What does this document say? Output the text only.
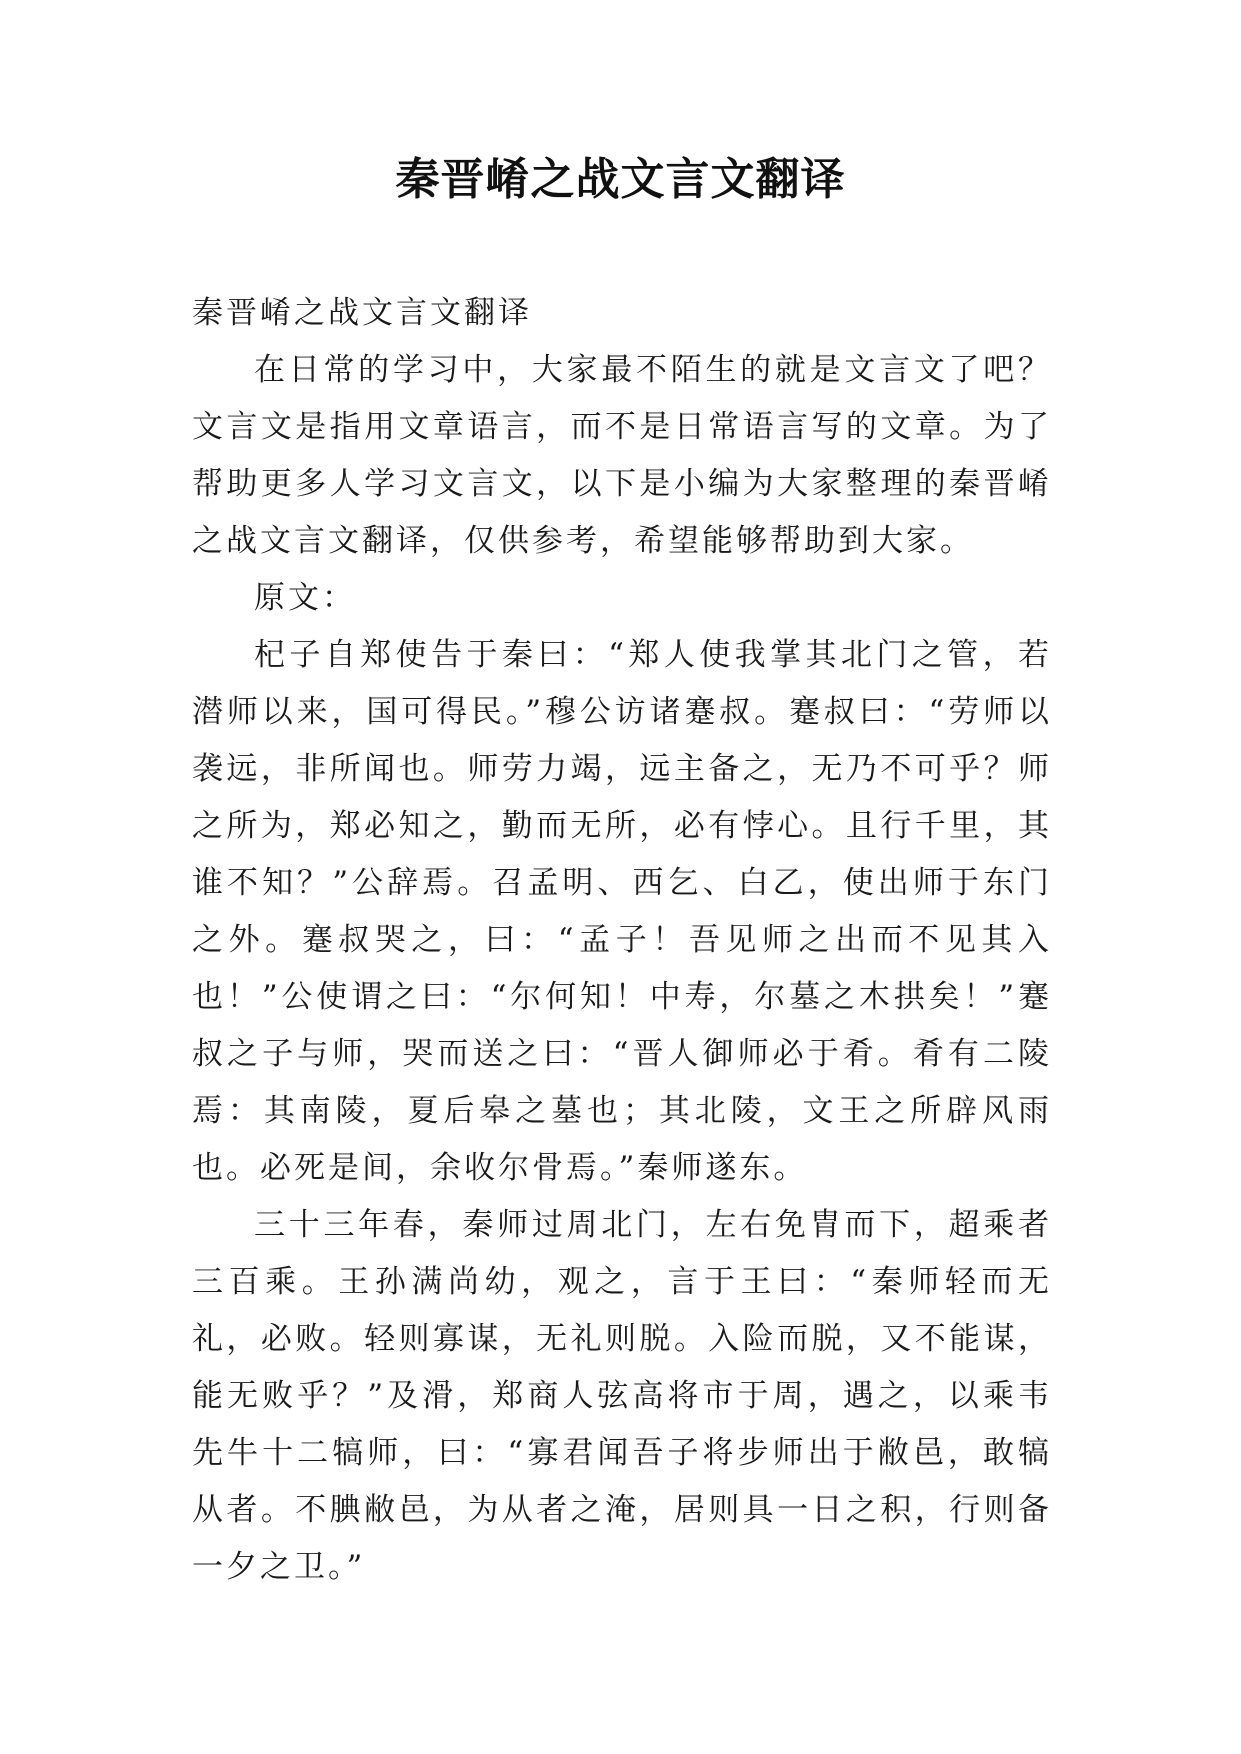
秦晋崤之战文言文翻译

秦晋崤之战文言文翻译

在日常的学习中，大家最不陌生的就是文言文了吧？文言文是指用文章语言，而不是日常语言写的文章。为了帮助更多人学习文言文，以下是小编为大家整理的秦晋崤之战文言文翻译，仅供参考，希望能够帮助到大家。

原文：

杞子自郑使告于秦曰：“郑人使我掌其北门之管，若潜师以来，国可得民。”穆公访诸蹇叔。蹇叔曰：“劳师以袭远，非所闻也。师劳力竭，远主备之，无乃不可乎？师之所为，郑必知之，勤而无所，必有悖心。且行千里，其谁不知？”公辞焉。召孟明、西乞、白乙，使出师于东门之外。蹇叔哭之，曰：“孟子！吾见师之出而不见其入也！”公使谓之曰：“尔何知！中寿，尔墓之木拱矣！”蹇叔之子与师，哭而送之曰：“晋人御师必于肴。肴有二陵焉：其南陵，夏后皋之墓也；其北陵，文王之所辟风雨也。必死是间，余收尔骨焉。”秦师遂东。

三十三年春，秦师过周北门，左右免胄而下，超乘者三百乘。王孙满尚幼，观之，言于王曰：“秦师轻而无礼，必败。轻则寡谋，无礼则脱。入险而脱，又不能谋，能无败乎？”及滑，郑商人弦高将市于周，遇之，以乘韦先牛十二犒师，曰：“寡君闻吾子将步师出于敝邑，敢犒从者。不腆敝邑，为从者之淹，居则具一日之积，行则备一夕之卫。”
